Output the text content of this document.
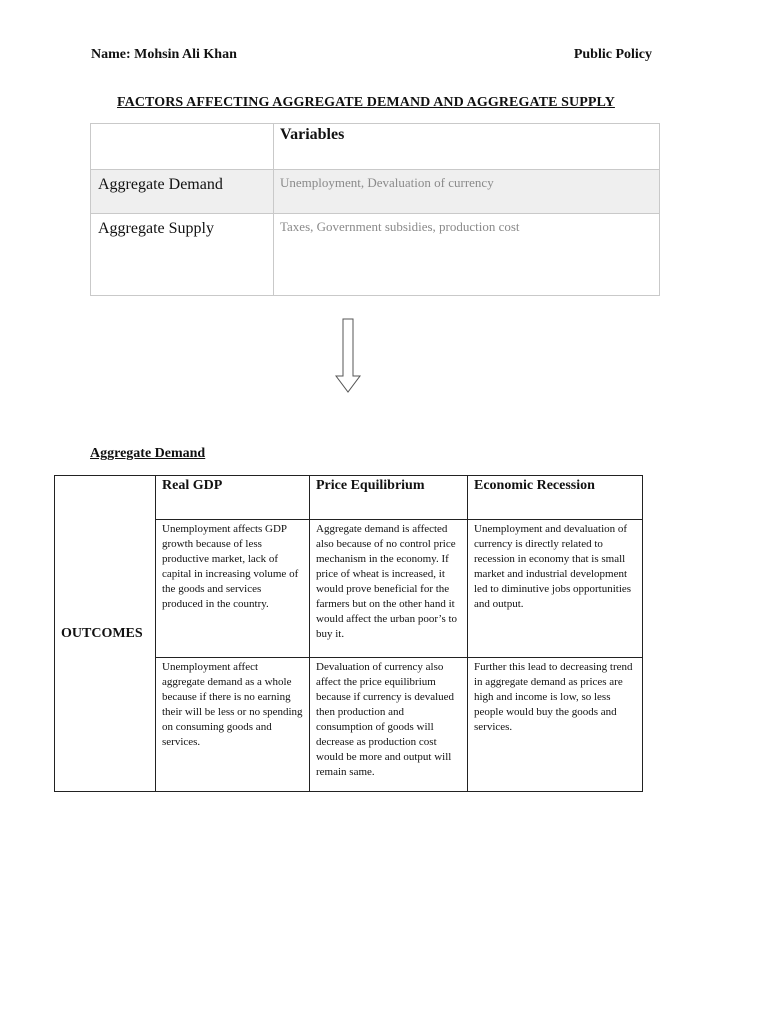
Name: Mohsin Ali Khan	Public Policy
FACTORS AFFECTING AGGREGATE DEMAND AND AGGREGATE SUPPLY
	Variables
Aggregate Demand	Unemployment, Devaluation of currency
Aggregate Supply	Taxes, Government subsidies, production cost
Aggregate Demand
OUTCOMES	Real GDP	Price Equilibrium	Economic Recession
	Unemployment affects GDP growth because of less productive market, lack of capital in increasing volume of the goods and services produced in the country.	Aggregate demand is affected also because of no control price mechanism in the economy. If price of wheat is increased, it would prove beneficial for the farmers but on the other hand it would affect the urban poor’s to buy it.	Unemployment and devaluation of currency is directly related to recession in economy that is small market and industrial development led to diminutive jobs opportunities and output.
	Unemployment affect aggregate demand as a whole because if there is no earning their will be less or no spending on consuming goods and services.	Devaluation of currency also affect the price equilibrium because if currency is devalued then production and consumption of goods will decrease as production cost would be more and output will remain same.	Further this lead to decreasing trend in aggregate demand as prices are high and income is low, so less people would buy the goods and services.
